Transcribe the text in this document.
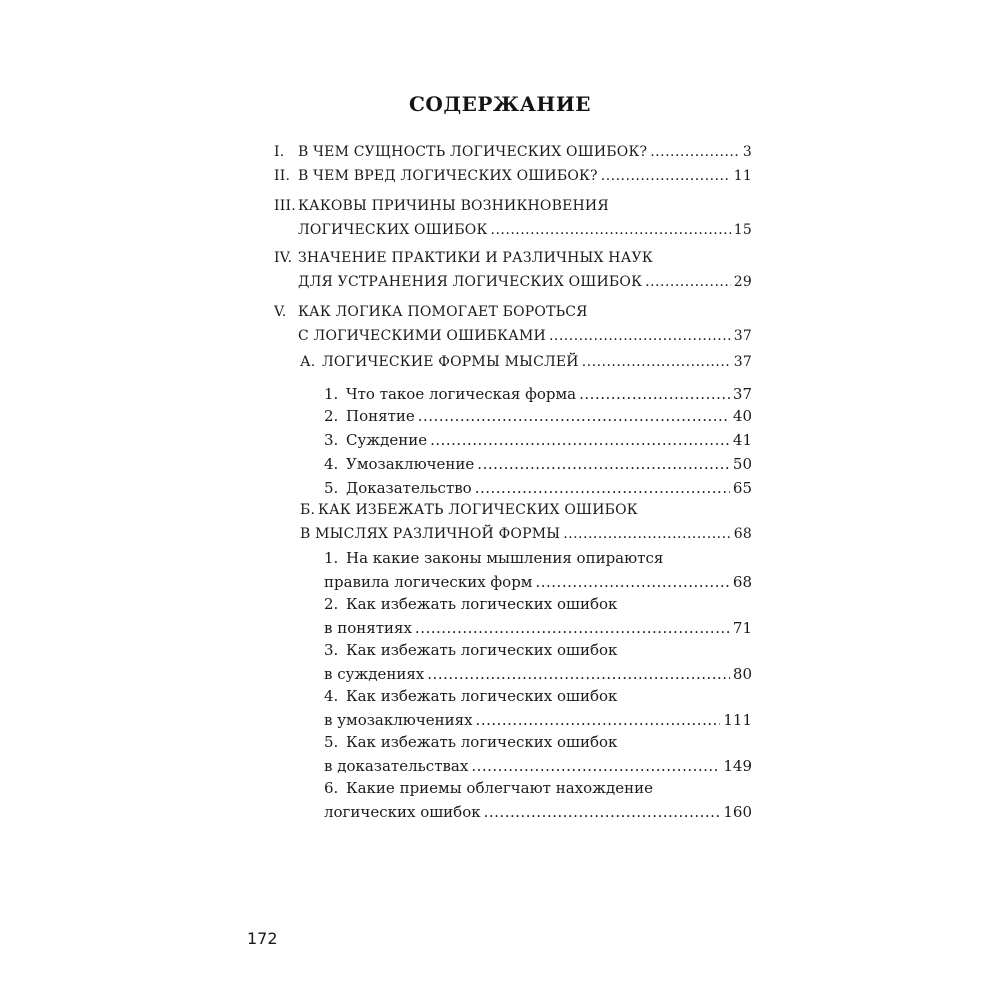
СОДЕРЖАНИЕ
I. В ЧЕМ СУЩНОСТЬ ЛОГИЧЕСКИХ ОШИБОК? .....	3
II. В ЧЕМ ВРЕД ЛОГИЧЕСКИХ ОШИБОК? .....	11
III. КАКОВЫ ПРИЧИНЫ ВОЗНИКНОВЕНИЯ
ЛОГИЧЕСКИХ ОШИБОК .....	15
IV. ЗНАЧЕНИЕ ПРАКТИКИ И РАЗЛИЧНЫХ НАУК
ДЛЯ УСТРАНЕНИЯ ЛОГИЧЕСКИХ ОШИБОК .....	29
V. КАК ЛОГИКА ПОМОГАЕТ БОРОТЬСЯ
С ЛОГИЧЕСКИМИ ОШИБКАМИ .....	37
А. ЛОГИЧЕСКИЕ ФОРМЫ МЫСЛЕЙ .....	37
1. Что такое логическая форма .....	37
2. Понятие .....	40
3. Суждение .....	41
4. Умозаключение .....	50
5. Доказательство .....	65
Б. КАК ИЗБЕЖАТЬ ЛОГИЧЕСКИХ ОШИБОК
В МЫСЛЯХ РАЗЛИЧНОЙ ФОРМЫ .....	68
1. На какие законы мышления опираются
правила логических форм .....	68
2. Как избежать логических ошибок
в понятиях .....	71
3. Как избежать логических ошибок
в суждениях .....	80
4. Как избежать логических ошибок
в умозаключениях .....	111
5. Как избежать логических ошибок
в доказательствах .....	149
6. Какие приемы облегчают нахождение
логических ошибок .....	160
172
